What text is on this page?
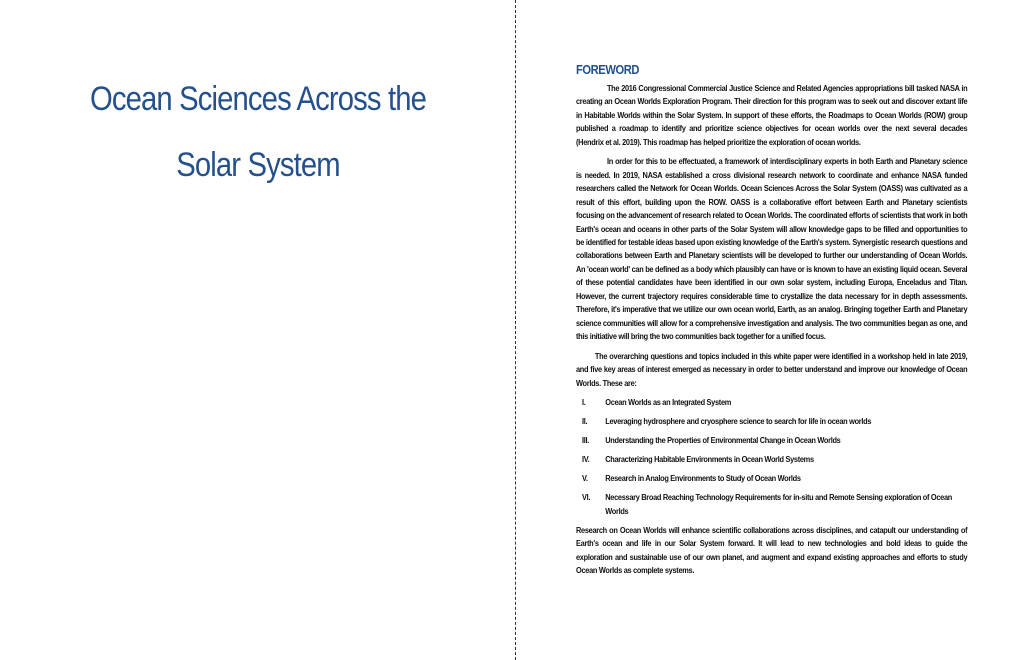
Ocean Sciences Across the
Solar System
FOREWORD

The 2016 Congressional Commercial Justice Science and Related Agencies appropriations bill tasked NASA in creating an Ocean Worlds Exploration Program. Their direction for this program was to seek out and discover extant life in Habitable Worlds within the Solar System. In support of these efforts, the Roadmaps to Ocean Worlds (ROW) group published a roadmap to identify and prioritize science objectives for ocean worlds over the next several decades (Hendrix et al. 2019). This roadmap has helped prioritize the exploration of ocean worlds.

In order for this to be effectuated, a framework of interdisciplinary experts in both Earth and Planetary science is needed. In 2019, NASA established a cross divisional research network to coordinate and enhance NASA funded researchers called the Network for Ocean Worlds. Ocean Sciences Across the Solar System (OASS) was cultivated as a result of this effort, building upon the ROW. OASS is a collaborative effort between Earth and Planetary scientists focusing on the advancement of research related to Ocean Worlds. The coordinated efforts of scientists that work in both Earth's ocean and oceans in other parts of the Solar System will allow knowledge gaps to be filled and opportunities to be identified for testable ideas based upon existing knowledge of the Earth's system. Synergistic research questions and collaborations between Earth and Planetary scientists will be developed to further our understanding of Ocean Worlds. An 'ocean world' can be defined as a body which plausibly can have or is known to have an existing liquid ocean. Several of these potential candidates have been identified in our own solar system, including Europa, Enceladus and Titan. However, the current trajectory requires considerable time to crystallize the data necessary for in depth assessments. Therefore, it's imperative that we utilize our own ocean world, Earth, as an analog. Bringing together Earth and Planetary science communities will allow for a comprehensive investigation and analysis. The two communities began as one, and this initiative will bring the two communities back together for a unified focus.

The overarching questions and topics included in this white paper were identified in a workshop held in late 2019, and five key areas of interest emerged as necessary in order to better understand and improve our knowledge of Ocean Worlds. These are:

I.	Ocean Worlds as an Integrated System
II.	Leveraging hydrosphere and cryosphere science to search for life in ocean worlds
III.	Understanding the Properties of Environmental Change in Ocean Worlds
IV.	Characterizing Habitable Environments in Ocean World Systems
V.	Research in Analog Environments to Study of Ocean Worlds
VI.	Necessary Broad Reaching Technology Requirements for in-situ and Remote Sensing exploration of Ocean Worlds

Research on Ocean Worlds will enhance scientific collaborations across disciplines, and catapult our understanding of Earth's ocean and life in our Solar System forward. It will lead to new technologies and bold ideas to guide the exploration and sustainable use of our own planet, and augment and expand existing approaches and efforts to study Ocean Worlds as complete systems.
